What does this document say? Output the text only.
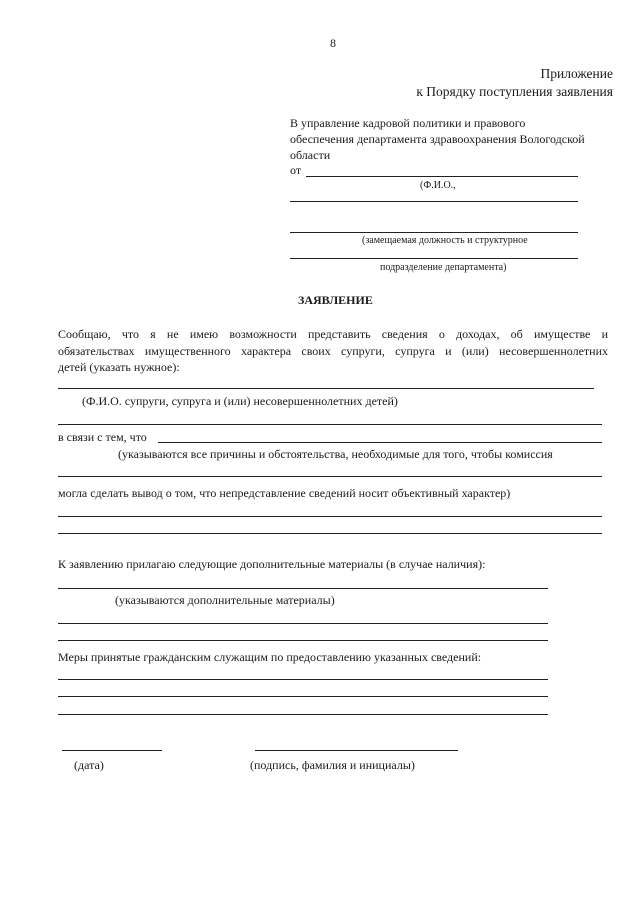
8
Приложение
к Порядку поступления заявления
В управление кадровой политики и правового
обеспечения департамента здравоохранения Вологодской
области
от
(Ф.И.О.,
(замещаемая должность и структурное
подразделение департамента)
ЗАЯВЛЕНИЕ
Сообщаю, что я не имею возможности представить сведения о доходах, об имуществе и
обязательствах имущественного характера своих супруги, супруга и (или) несовершеннолетних
детей (указать нужное):
(Ф.И.О. супруги, супруга и (или) несовершеннолетних детей)
в связи с тем, что
(указываются все причины и обстоятельства, необходимые для того, чтобы комиссия
могла сделать вывод о том, что непредставление сведений носит объективный характер)
К заявлению прилагаю следующие дополнительные материалы (в случае наличия):
(указываются дополнительные материалы)
Меры принятые гражданским служащим по предоставлению указанных сведений:
(дата)	(подпись, фамилия и инициалы)
